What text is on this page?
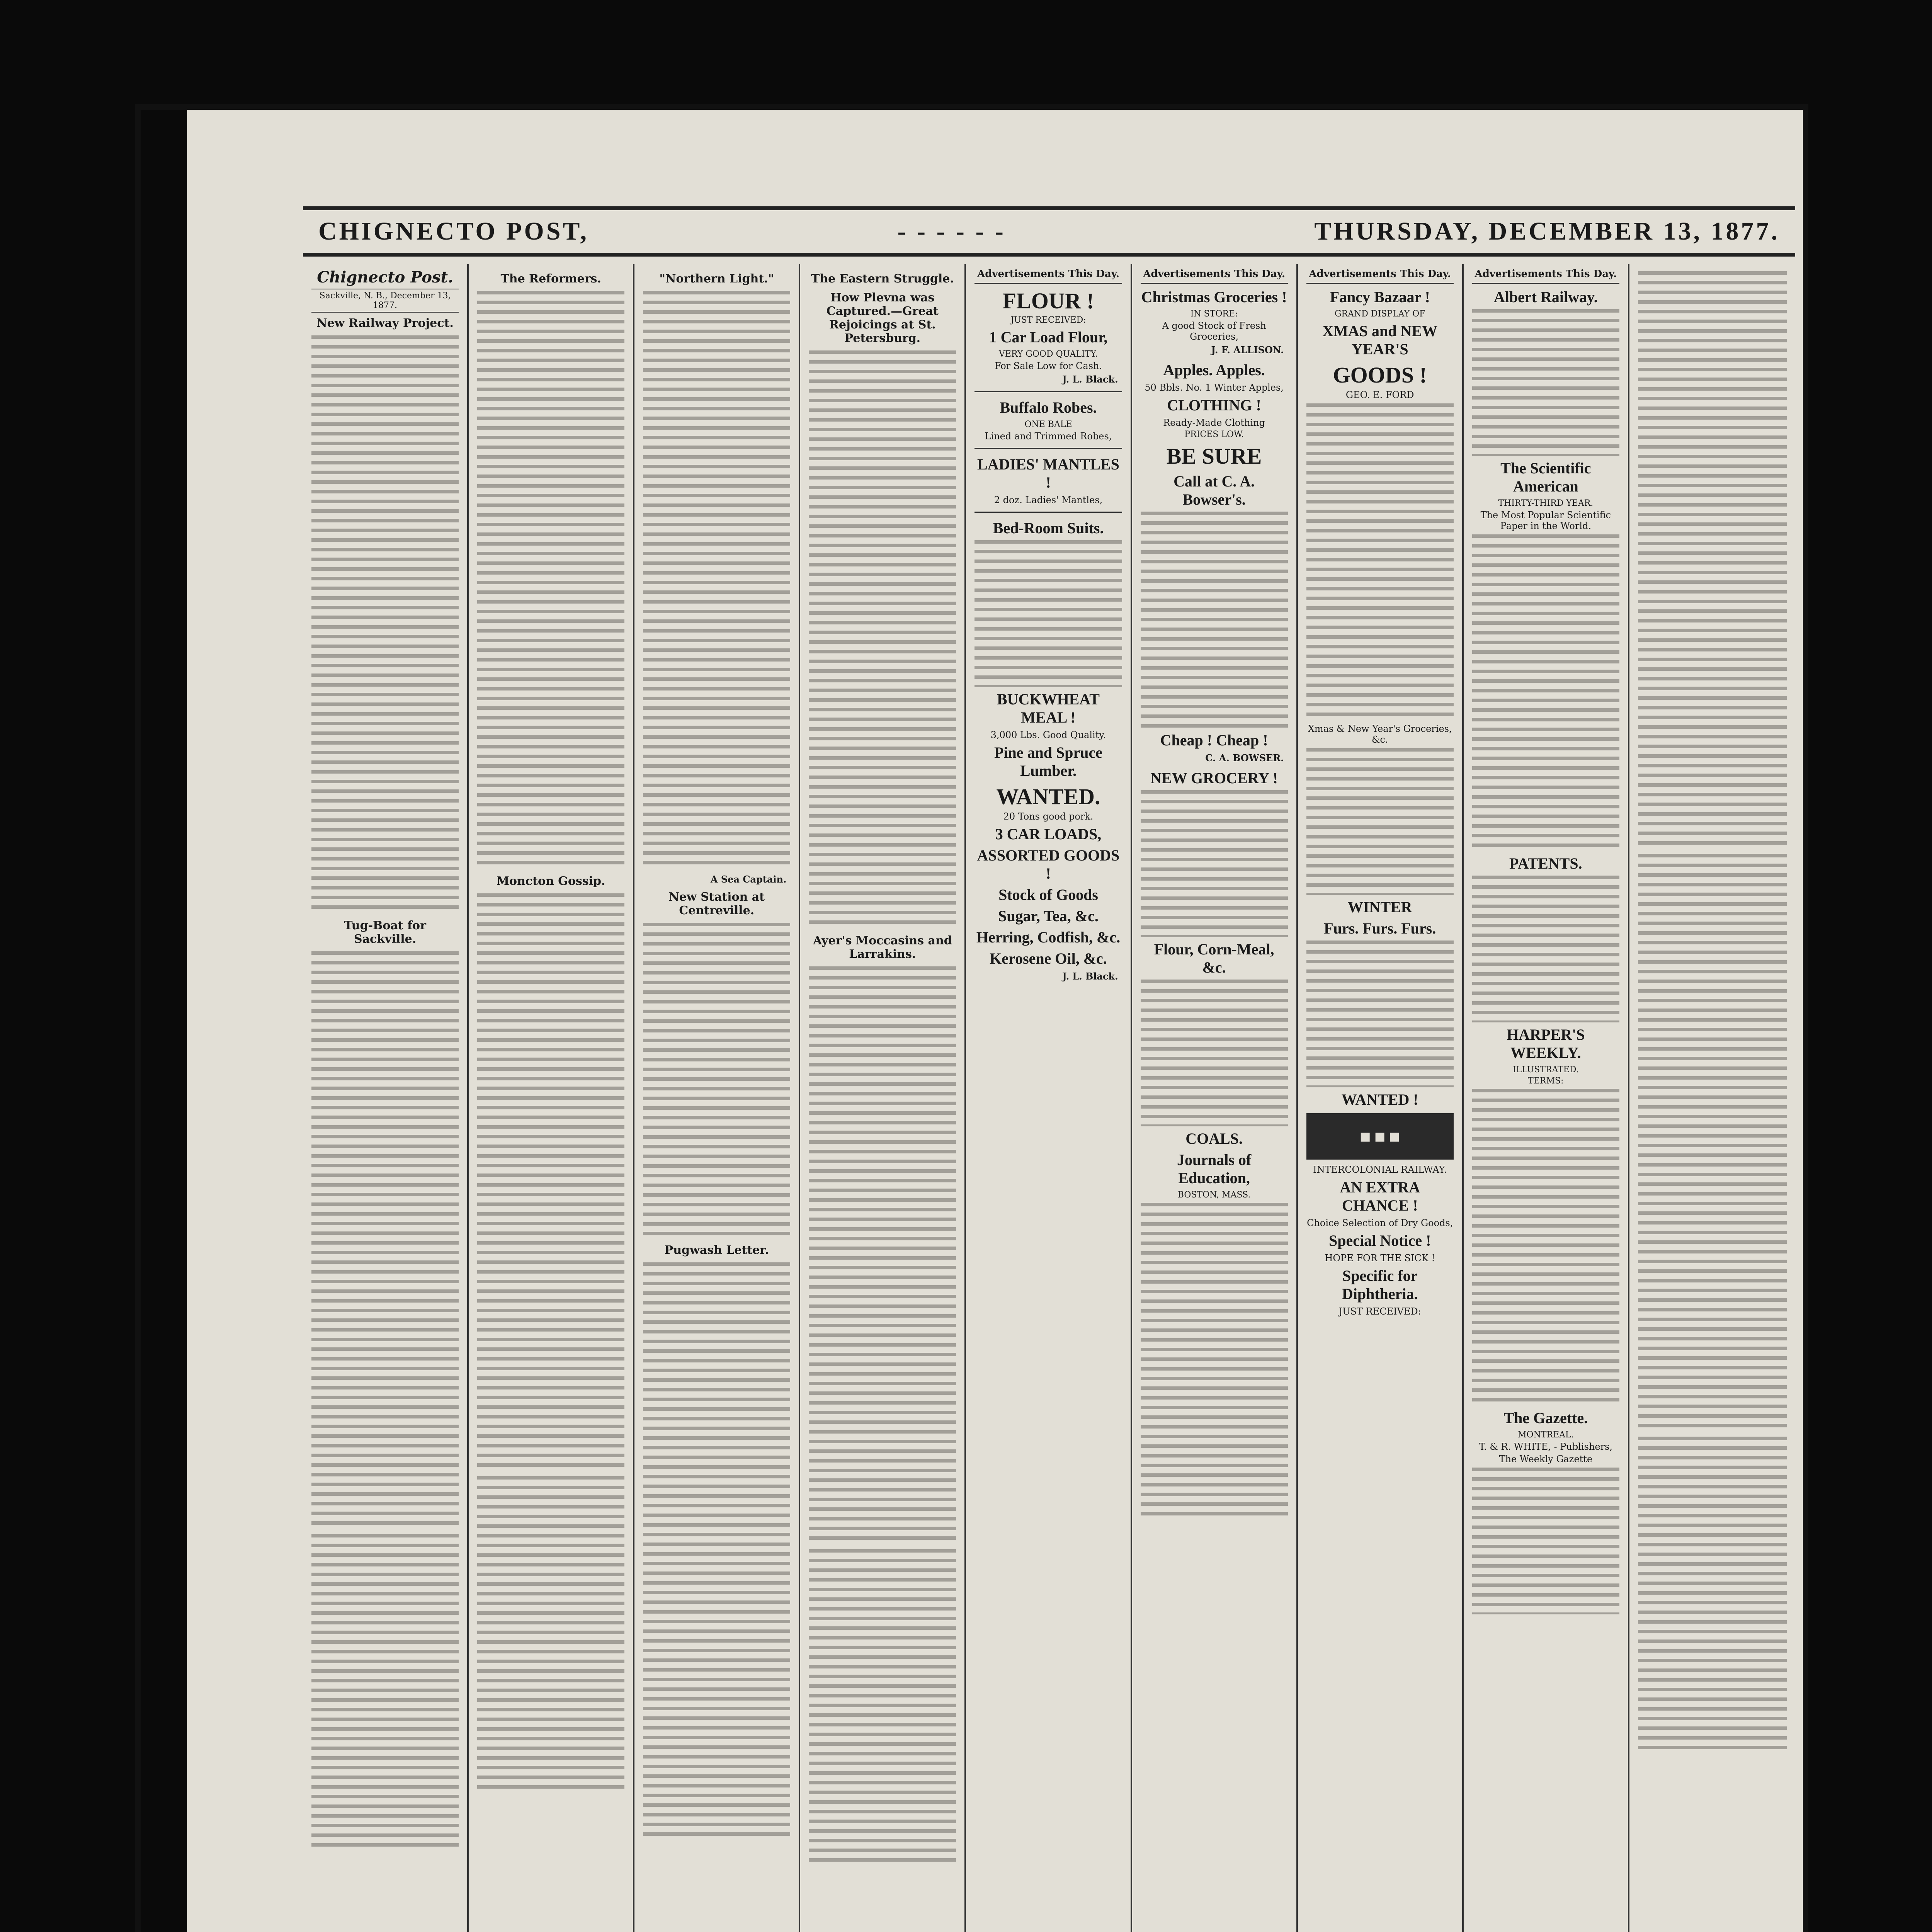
CHIGNECTO POST,	- - - - - -	THURSDAY, DECEMBER 13, 1877.
Chignecto Post.
Sackville, N. B., December 13, 1877.
New Railway Project.
Tug-Boat for Sackville.
The Reformers.
Moncton Gossip.
"Northern Light."
A Sea Captain.
New Station at Centreville.
Pugwash Letter.
The Eastern Struggle.
How Plevna was Captured.—Great Rejoicings at St. Petersburg.
Ayer's Moccasins and Larrakins.
Advertisements This Day.
FLOUR !
JUST RECEIVED:
1 Car Load Flour,
VERY GOOD QUALITY.
For Sale Low for Cash.
J. L. Black.
Buffalo Robes.
ONE BALE
Lined and Trimmed Robes,
LADIES' MANTLES !
2 doz. Ladies' Mantles,
Bed-Room Suits.
BUCKWHEAT MEAL !
3,000 Lbs. Good Quality.
Pine and Spruce Lumber.
WANTED.
20 Tons good pork.
3 CAR LOADS,
ASSORTED GOODS !
Stock of Goods
Sugar, Tea, &c.
Herring, Codfish, &c.
Kerosene Oil, &c.
J. L. Black.
Advertisements This Day.
Christmas Groceries !
IN STORE:
A good Stock of Fresh Groceries,
J. F. ALLISON.
Apples. Apples.
50 Bbls. No. 1 Winter Apples,
CLOTHING !
Ready-Made Clothing
PRICES LOW.
BE SURE
Call at C. A. Bowser's.
Cheap ! Cheap !
C. A. BOWSER.
NEW GROCERY !
Flour, Corn-Meal, &c.
COALS.
Journals of Education,
BOSTON, MASS.
Advertisements This Day.
Fancy Bazaar !
GRAND DISPLAY OF
XMAS and NEW YEAR'S
GOODS !
GEO. E. FORD
Xmas & New Year's Groceries, &c.
WINTER
Furs. Furs. Furs.
WANTED !
■ ■ ■
INTERCOLONIAL RAILWAY.
AN EXTRA CHANCE !
Choice Selection of Dry Goods,
Special Notice !
HOPE FOR THE SICK !
Specific for Diphtheria.
JUST RECEIVED:
Advertisements This Day.
Albert Railway.
The Scientific American
THIRTY-THIRD YEAR.
The Most Popular Scientific Paper in the World.
PATENTS.
HARPER'S WEEKLY.
ILLUSTRATED.
TERMS:
The Gazette.
MONTREAL.
T. & R. WHITE, - Publishers,
The Weekly Gazette
